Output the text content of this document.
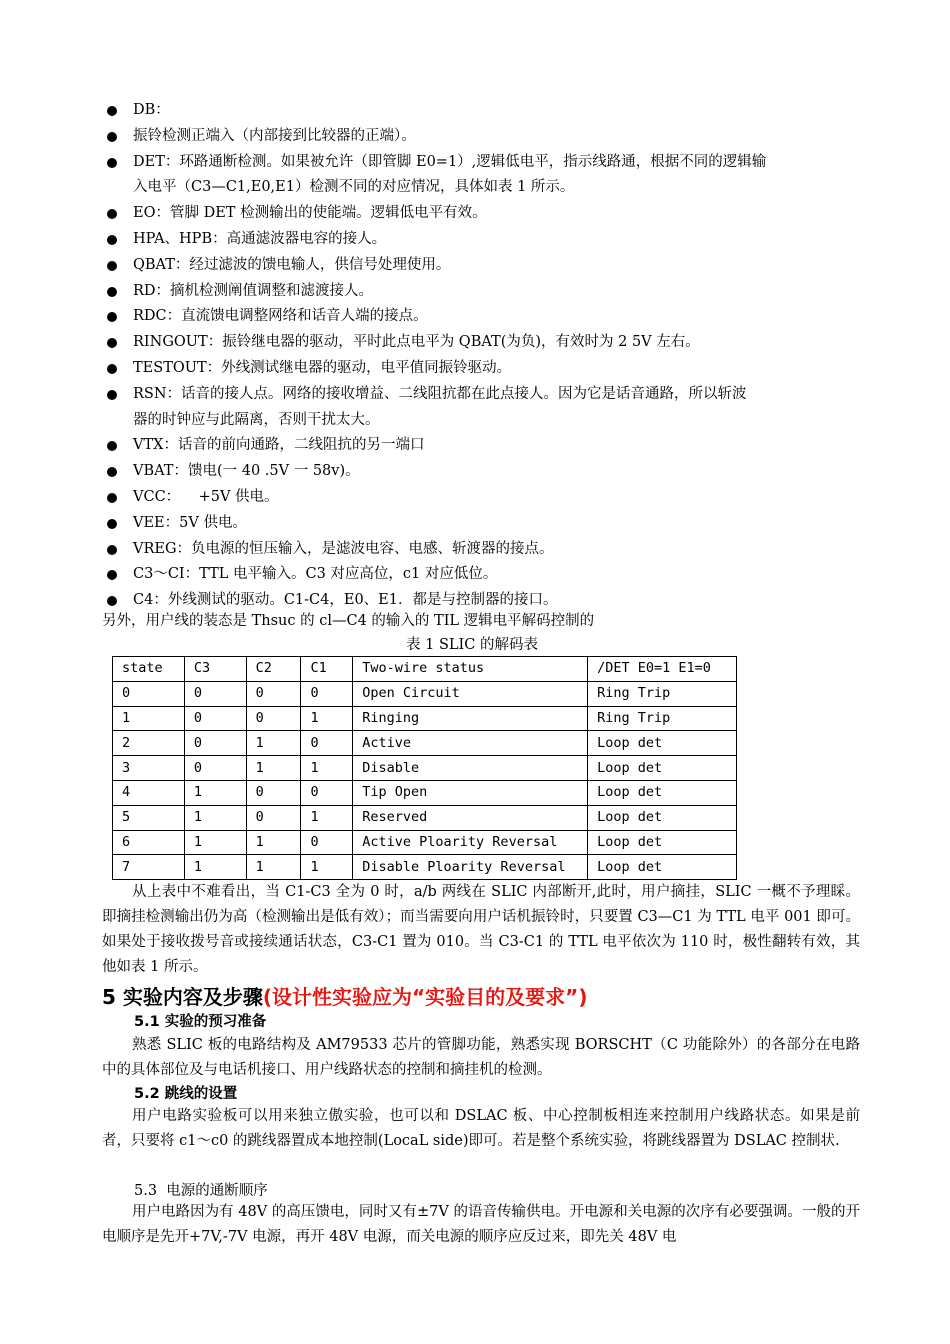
DB：
振铃检测正端入（内部接到比较器的正端）。
DET：环路通断检测。如果被允许（即管脚 E0=1）,逻辑低电平，指示线路通，根据不同的逻辑输
入电平（C3—C1,E0,E1）检测不同的对应情况，具体如表 1 所示。
EO：管脚 DET 检测输出的使能端。逻辑低电平有效。
HPA、HPB：高通滤波器电容的接人。
QBAT：经过滤波的馈电输人，供信号处理使用。
RD：摘机检测阐值调整和滤渡接人。
RDC：直流馈电调整网络和话音人端的接点。
RINGOUT：振铃继电器的驱动，平时此点电平为 QBAT(为负)，有效时为 2 5V 左右。
TESTOUT：外线测试继电器的驱动，电平值同振铃驱动。
RSN：话音的接人点。网络的接收增益、二线阻抗都在此点接人。因为它是话音通路，所以斩波
器的时钟应与此隔离，否则干扰太大。
VTX：话音的前向通路，二线阻抗的另一端口
VBAT：馈电(一 40 .5V 一 58v)。
VCC：    +5V 供电。
VEE：5V 供电。
VREG：负电源的恒压输入，是滤波电容、电感、斩渡器的接点。
C3～CI：TTL 电平输入。C3 对应高位，c1 对应低位。
C4：外线测试的驱动。C1-C4，E0、E1．都是与控制器的接口。
另外，用户线的装态是 Thsuc 的 cl—C4 的输入的 TIL 逻辑电平解码控制的
表 1 SLIC 的解码表
state	C3	C2	C1	Two-wire status	/DET E0=1 E1=0
0	0	0	0	Open Circuit	Ring Trip
1	0	0	1	Ringing	Ring Trip
2	0	1	0	Active	Loop det
3	0	1	1	Disable	Loop det
4	1	0	0	Tip Open	Loop det
5	1	0	1	Reserved	Loop det
6	1	1	0	Active Ploarity Reversal	Loop det
7	1	1	1	Disable Ploarity Reversal	Loop det
从上表中不难看出，当 C1-C3 全为 0 时，a/b 两线在 SLIC 内部断开,此时，用户摘挂，SLIC 一概不予理睬。即摘挂检测输出仍为高（检测输出是低有效）；而当需要向用户话机振铃时，只要置 C3—C1 为 TTL 电平 001 即可。如果处于接收拨号音或接续通话状态，C3-C1 置为 010。当 C3-C1 的 TTL 电平依次为 110 时，极性翻转有效，其他如表 1 所示。
5 实验内容及步骤(设计性实验应为“实验目的及要求”)
5.1 实验的预习准备
熟悉 SLIC 板的电路结构及 AM79533 芯片的管脚功能，熟悉实现 BORSCHT（C 功能除外）的各部分在电路中的具体部位及与电话机接口、用户线路状态的控制和摘挂机的检测。
5.2 跳线的设置
用户电路实验板可以用来独立傲实验，也可以和 DSLAC 板、中心控制板相连来控制用户线路状态。如果是前者，只要将 c1～c0 的跳线器置成本地控制(LocaL side)即可。若是整个系统实验，将跳线器置为 DSLAC 控制状.
5.3  电源的通断顺序
用户电路因为有 48V 的高压馈电，同时又有±7V 的语音传输供电。开电源和关电源的次序有必要强调。一般的开电顺序是先开+7V,-7V 电源，再开 48V 电源，而关电源的顺序应反过来，即先关 48V 电
